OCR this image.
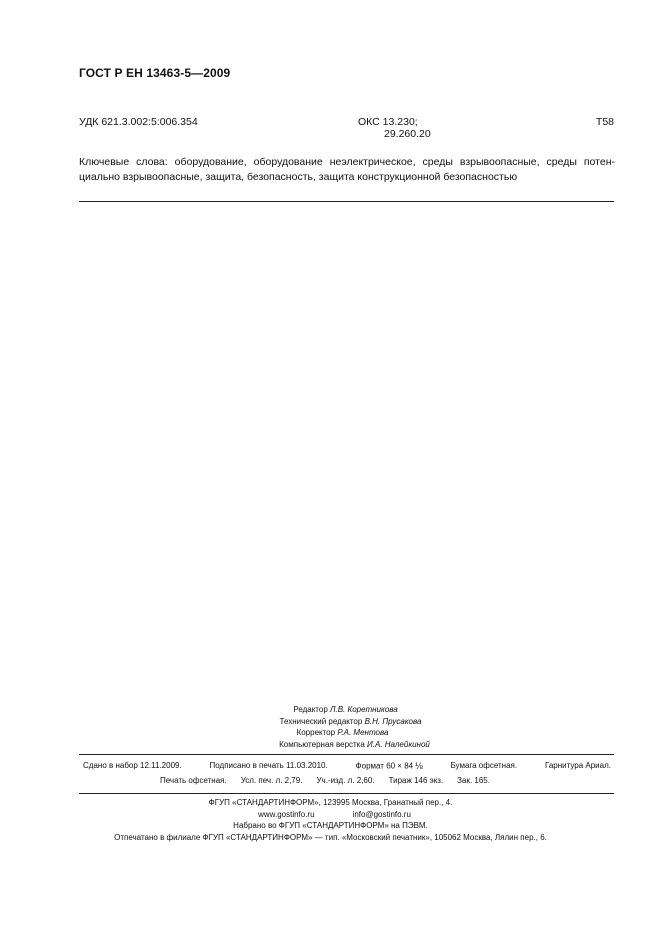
ГОСТ Р ЕН 13463-5—2009
УДК 621.3.002:5:006.354	ОКС 13.230;
29.260.20
Т58
Ключевые слова: оборудование, оборудование неэлектрическое, среды взрывоопасные, среды потенциально взрывоопасные, защита, безопасность, защита конструкционной безопасностью
Редактор Л.В. Коретникова
Технический редактор В.Н. Прусакова
Корректор Р.А. Ментова
Компьютерная верстка И.А. Налейкиной
Сдано в набор 12.11.2009.	Подписано в печать 11.03.2010.	Формат 60 × 84 ⅛	Бумага офсетная.	Гарнитура Ариал.
Печать офсетная. Усл. печ. л. 2,79. Уч.-изд. л. 2,60. Тираж 146 экз. Зак. 165.
ФГУП «СТАНДАРТИНФОРМ», 123995 Москва, Гранатный пер., 4.
www.gostinfo.ru	info@gostinfo.ru
Набрано во ФГУП «СТАНДАРТИНФОРМ» на ПЭВМ.
Отпечатано в филиале ФГУП «СТАНДАРТИНФОРМ» — тип. «Московский печатник», 105062 Москва, Лялин пер., 6.
